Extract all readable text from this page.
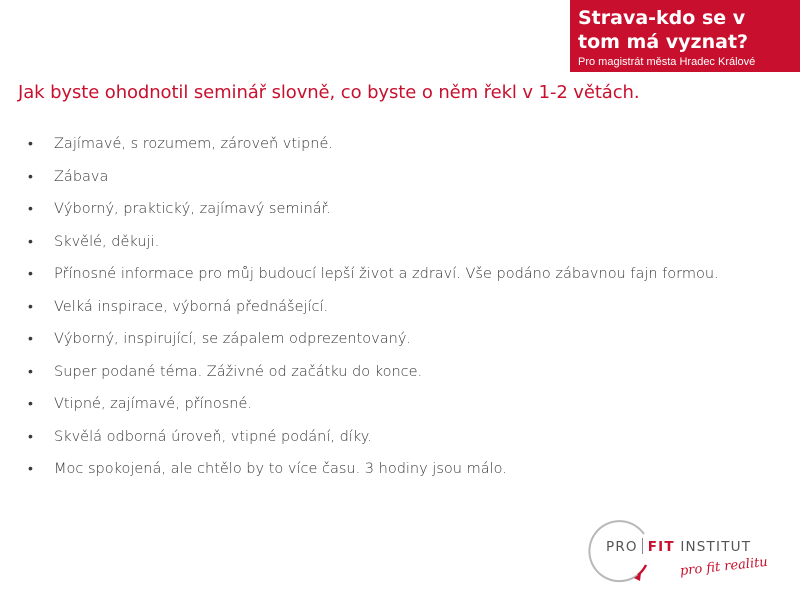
Strava-kdo se v tom má vyznat?
Pro magistrát města Hradec Králové
Jak byste ohodnotil seminář slovně, co byste o něm řekl v 1-2 větách.
• Zajímavé, s rozumem, zároveň vtipné.
• Zábava
• Výborný, praktický, zajímavý seminář.
• Skvělé, děkuji.
• Přínosné informace pro můj budoucí lepší život a zdraví. Vše podáno zábavnou fajn formou.
• Velká inspirace, výborná přednášející.
• Výborný, inspirující, se zápalem odprezentovaný.
• Super podané téma. Záživné od začátku do konce.
• Vtipné, zajímavé, přínosné.
• Skvělá odborná úroveň, vtipné podání, díky.
• Moc spokojená, ale chtělo by to více času. 3 hodiny jsou málo.
PRO FIT INSTITUT
pro fit realitu
